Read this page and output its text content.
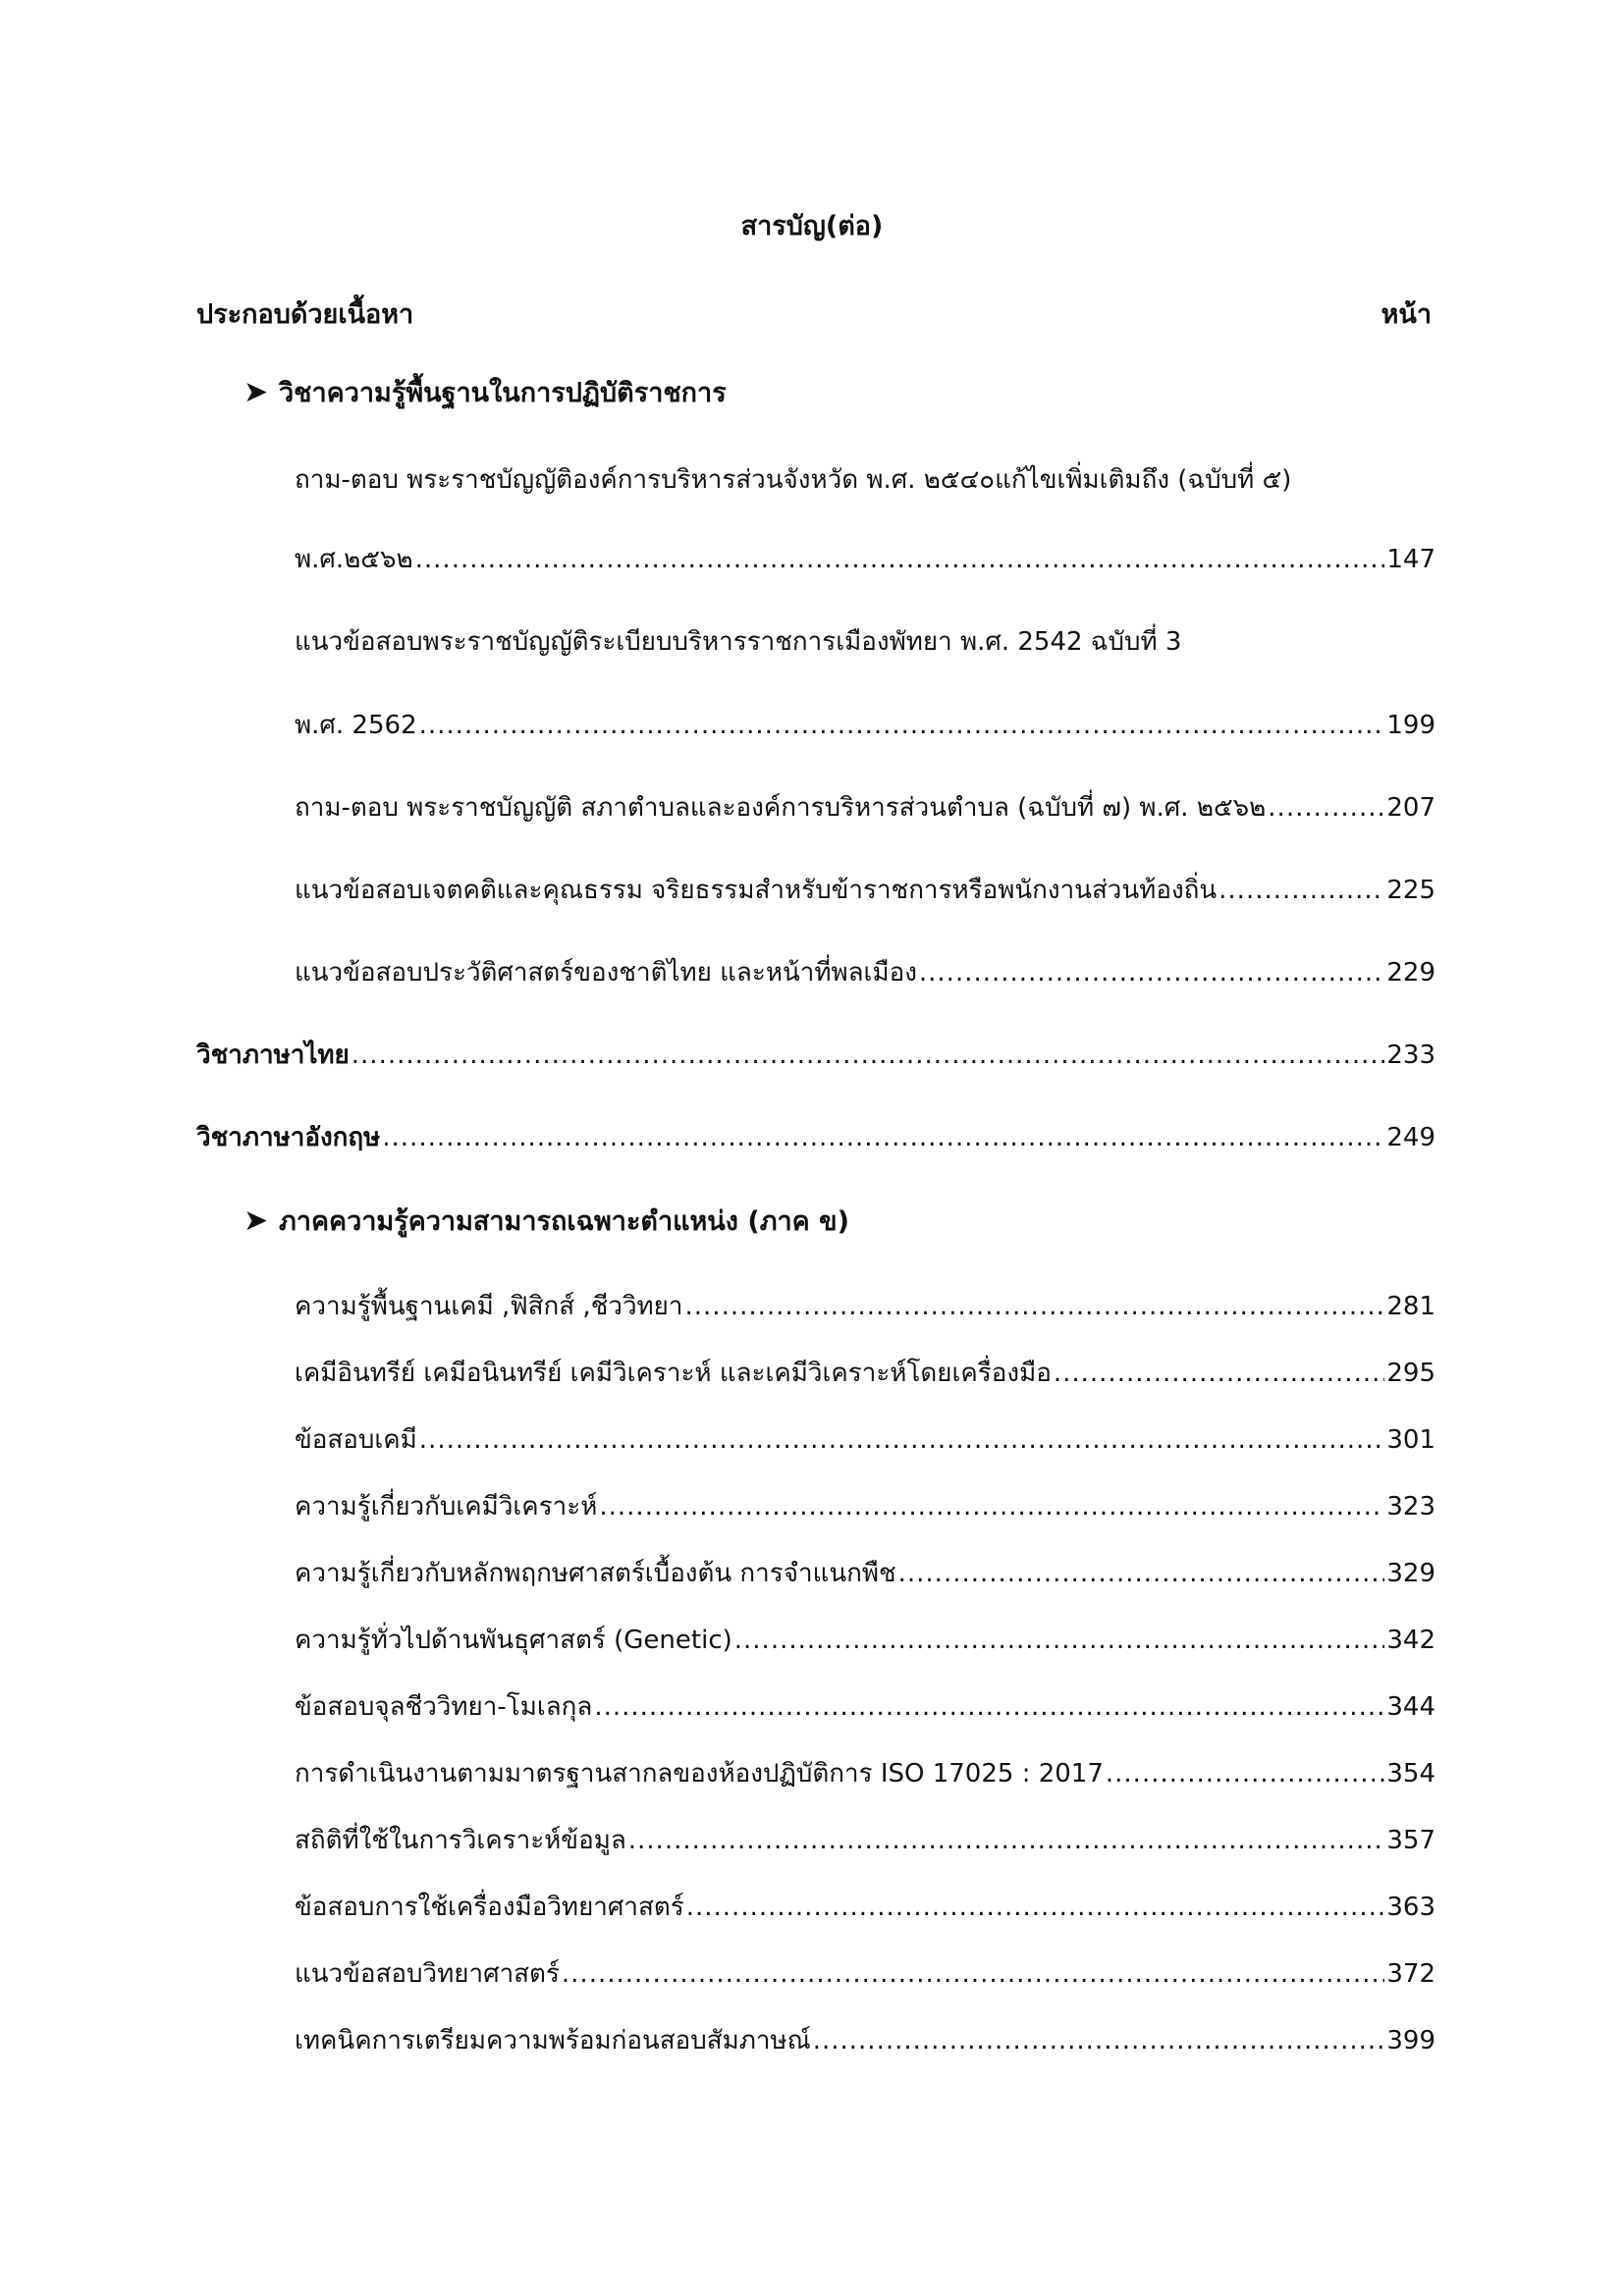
สารบัญ(ต่อ)
ประกอบด้วยเนื้อหา	หน้า
➤ วิชาความรู้พื้นฐานในการปฏิบัติราชการ
ถาม-ตอบ พระราชบัญญัติองค์การบริหารส่วนจังหวัด พ.ศ. ๒๕๔๐แก้ไขเพิ่มเติมถึง (ฉบับที่ ๕)
พ.ศ.๒๕๖๒ .....	147
แนวข้อสอบพระราชบัญญัติระเบียบบริหารราชการเมืองพัทยา พ.ศ. 2542 ฉบับที่ 3
พ.ศ. 2562 .....	199
ถาม-ตอบ พระราชบัญญัติ สภาตำบลและองค์การบริหารส่วนตำบล (ฉบับที่ ๗) พ.ศ. ๒๕๖๒ .....	207
แนวข้อสอบเจตคติและคุณธรรม จริยธรรมสำหรับข้าราชการหรือพนักงานส่วนท้องถิ่น .....	225
แนวข้อสอบประวัติศาสตร์ของชาติไทย และหน้าที่พลเมือง .....	229
วิชาภาษาไทย .....	233
วิชาภาษาอังกฤษ .....	249
➤ ภาคความรู้ความสามารถเฉพาะตำแหน่ง (ภาค ข)
ความรู้พื้นฐานเคมี ,ฟิสิกส์ ,ชีววิทยา .....	281
เคมีอินทรีย์ เคมีอนินทรีย์ เคมีวิเคราะห์ และเคมีวิเคราะห์โดยเครื่องมือ .....	295
ข้อสอบเคมี .....	301
ความรู้เกี่ยวกับเคมีวิเคราะห์ .....	323
ความรู้เกี่ยวกับหลักพฤกษศาสตร์เบื้องต้น การจำแนกพืช .....	329
ความรู้ทั่วไปด้านพันธุศาสตร์ (Genetic) .....	342
ข้อสอบจุลชีววิทยา-โมเลกุล .....	344
การดำเนินงานตามมาตรฐานสากลของห้องปฏิบัติการ ISO 17025 : 2017 .....	354
สถิติที่ใช้ในการวิเคราะห์ข้อมูล .....	357
ข้อสอบการใช้เครื่องมือวิทยาศาสตร์ .....	363
แนวข้อสอบวิทยาศาสตร์ .....	372
เทคนิคการเตรียมความพร้อมก่อนสอบสัมภาษณ์ .....	399
